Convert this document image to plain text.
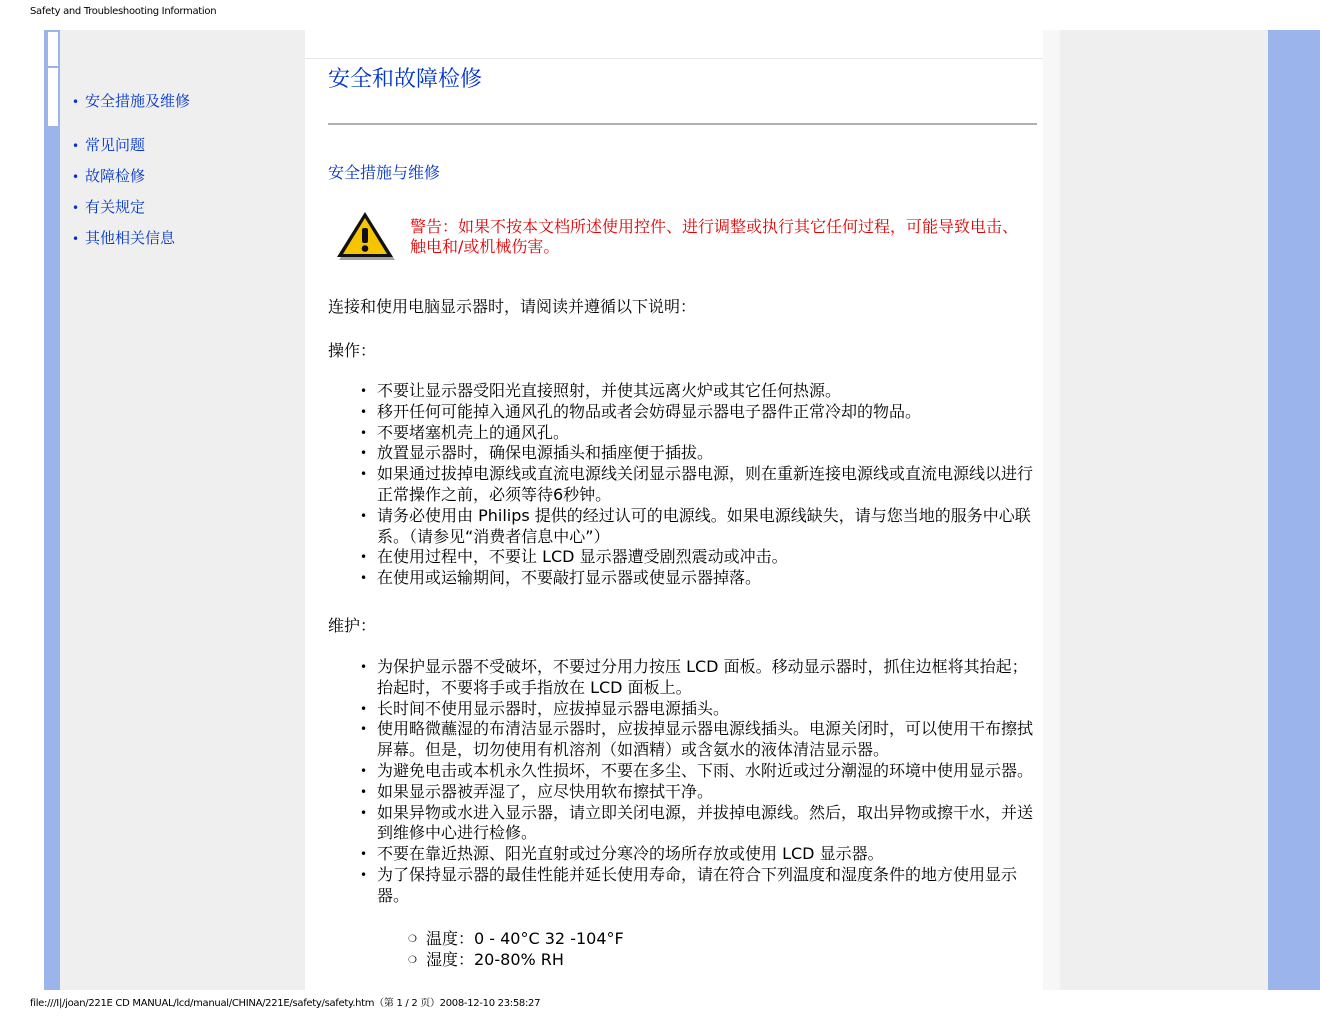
Safety and Troubleshooting Information
• 安全措施及维修
• 常见问题
• 故障检修
• 有关规定
• 其他相关信息
安全和故障检修
安全措施与维修
警告：如果不按本文档所述使用控件、进行调整或执行其它任何过程，可能导致电击、触电和/或机械伤害。
连接和使用电脑显示器时，请阅读并遵循以下说明：
操作：
• 不要让显示器受阳光直接照射，并使其远离火炉或其它任何热源。
• 移开任何可能掉入通风孔的物品或者会妨碍显示器电子器件正常冷却的物品。
• 不要堵塞机壳上的通风孔。
• 放置显示器时，确保电源插头和插座便于插拔。
• 如果通过拔掉电源线或直流电源线关闭显示器电源，则在重新连接电源线或直流电源线以进行正常操作之前，必须等待6秒钟。
• 请务必使用由 Philips 提供的经过认可的电源线。如果电源线缺失，请与您当地的服务中心联系。（请参见“消费者信息中心”）
• 在使用过程中，不要让 LCD 显示器遭受剧烈震动或冲击。
• 在使用或运输期间，不要敲打显示器或使显示器掉落。
维护：
• 为保护显示器不受破坏，不要过分用力按压 LCD 面板。移动显示器时，抓住边框将其抬起；抬起时，不要将手或手指放在 LCD 面板上。
• 长时间不使用显示器时，应拔掉显示器电源插头。
• 使用略微蘸湿的布清洁显示器时，应拔掉显示器电源线插头。电源关闭时，可以使用干布擦拭屏幕。但是，切勿使用有机溶剂（如酒精）或含氨水的液体清洁显示器。
• 为避免电击或本机永久性损坏，不要在多尘、下雨、水附近或过分潮湿的环境中使用显示器。
• 如果显示器被弄湿了，应尽快用软布擦拭干净。
• 如果异物或水进入显示器，请立即关闭电源，并拔掉电源线。然后，取出异物或擦干水，并送到维修中心进行检修。
• 不要在靠近热源、阳光直射或过分寒冷的场所存放或使用 LCD 显示器。
• 为了保持显示器的最佳性能并延长使用寿命，请在符合下列温度和湿度条件的地方使用显示器。
❍ 温度：0 - 40°C 32 -104°F
❍ 湿度：20-80% RH
file:///I|/joan/221E CD MANUAL/lcd/manual/CHINA/221E/safety/safety.htm（第 1 / 2 页）2008-12-10 23:58:27
